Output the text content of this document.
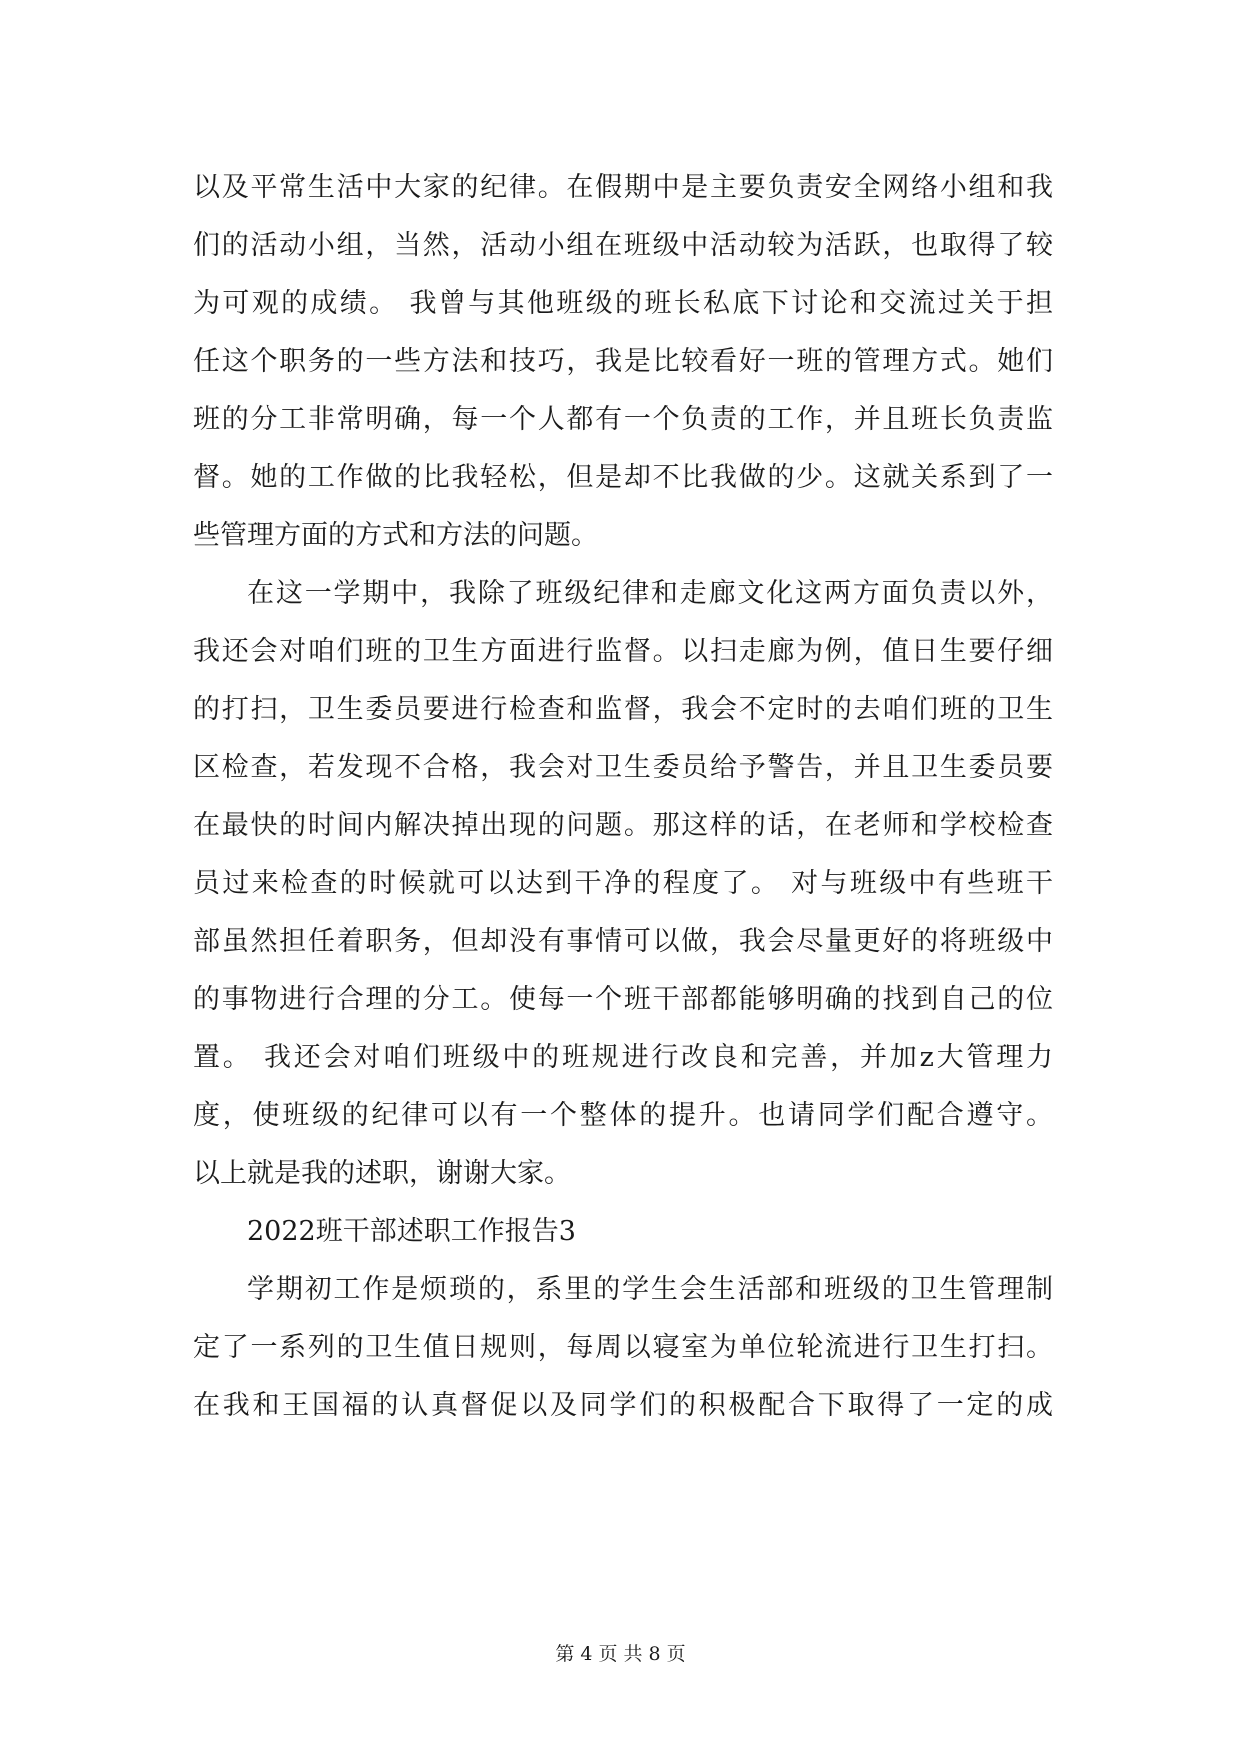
以及平常生活中大家的纪律。在假期中是主要负责安全网络小组和我
们的活动小组，当然，活动小组在班级中活动较为活跃，也取得了较
为可观的成绩。 我曾与其他班级的班长私底下讨论和交流过关于担
任这个职务的一些方法和技巧，我是比较看好一班的管理方式。她们
班的分工非常明确，每一个人都有一个负责的工作，并且班长负责监
督。她的工作做的比我轻松，但是却不比我做的少。这就关系到了一
些管理方面的方式和方法的问题。
在这一学期中，我除了班级纪律和走廊文化这两方面负责以外，
我还会对咱们班的卫生方面进行监督。以扫走廊为例，值日生要仔细
的打扫，卫生委员要进行检查和监督，我会不定时的去咱们班的卫生
区检查，若发现不合格，我会对卫生委员给予警告，并且卫生委员要
在最快的时间内解决掉出现的问题。那这样的话，在老师和学校检查
员过来检查的时候就可以达到干净的程度了。 对与班级中有些班干
部虽然担任着职务，但却没有事情可以做，我会尽量更好的将班级中
的事物进行合理的分工。使每一个班干部都能够明确的找到自己的位
置。 我还会对咱们班级中的班规进行改良和完善，并加z大管理力
度，使班级的纪律可以有一个整体的提升。也请同学们配合遵守。
以上就是我的述职，谢谢大家。
2022班干部述职工作报告3
学期初工作是烦琐的，系里的学生会生活部和班级的卫生管理制
定了一系列的卫生值日规则，每周以寝室为单位轮流进行卫生打扫。
在我和王国福的认真督促以及同学们的积极配合下取得了一定的成
第 4 页 共 8 页
